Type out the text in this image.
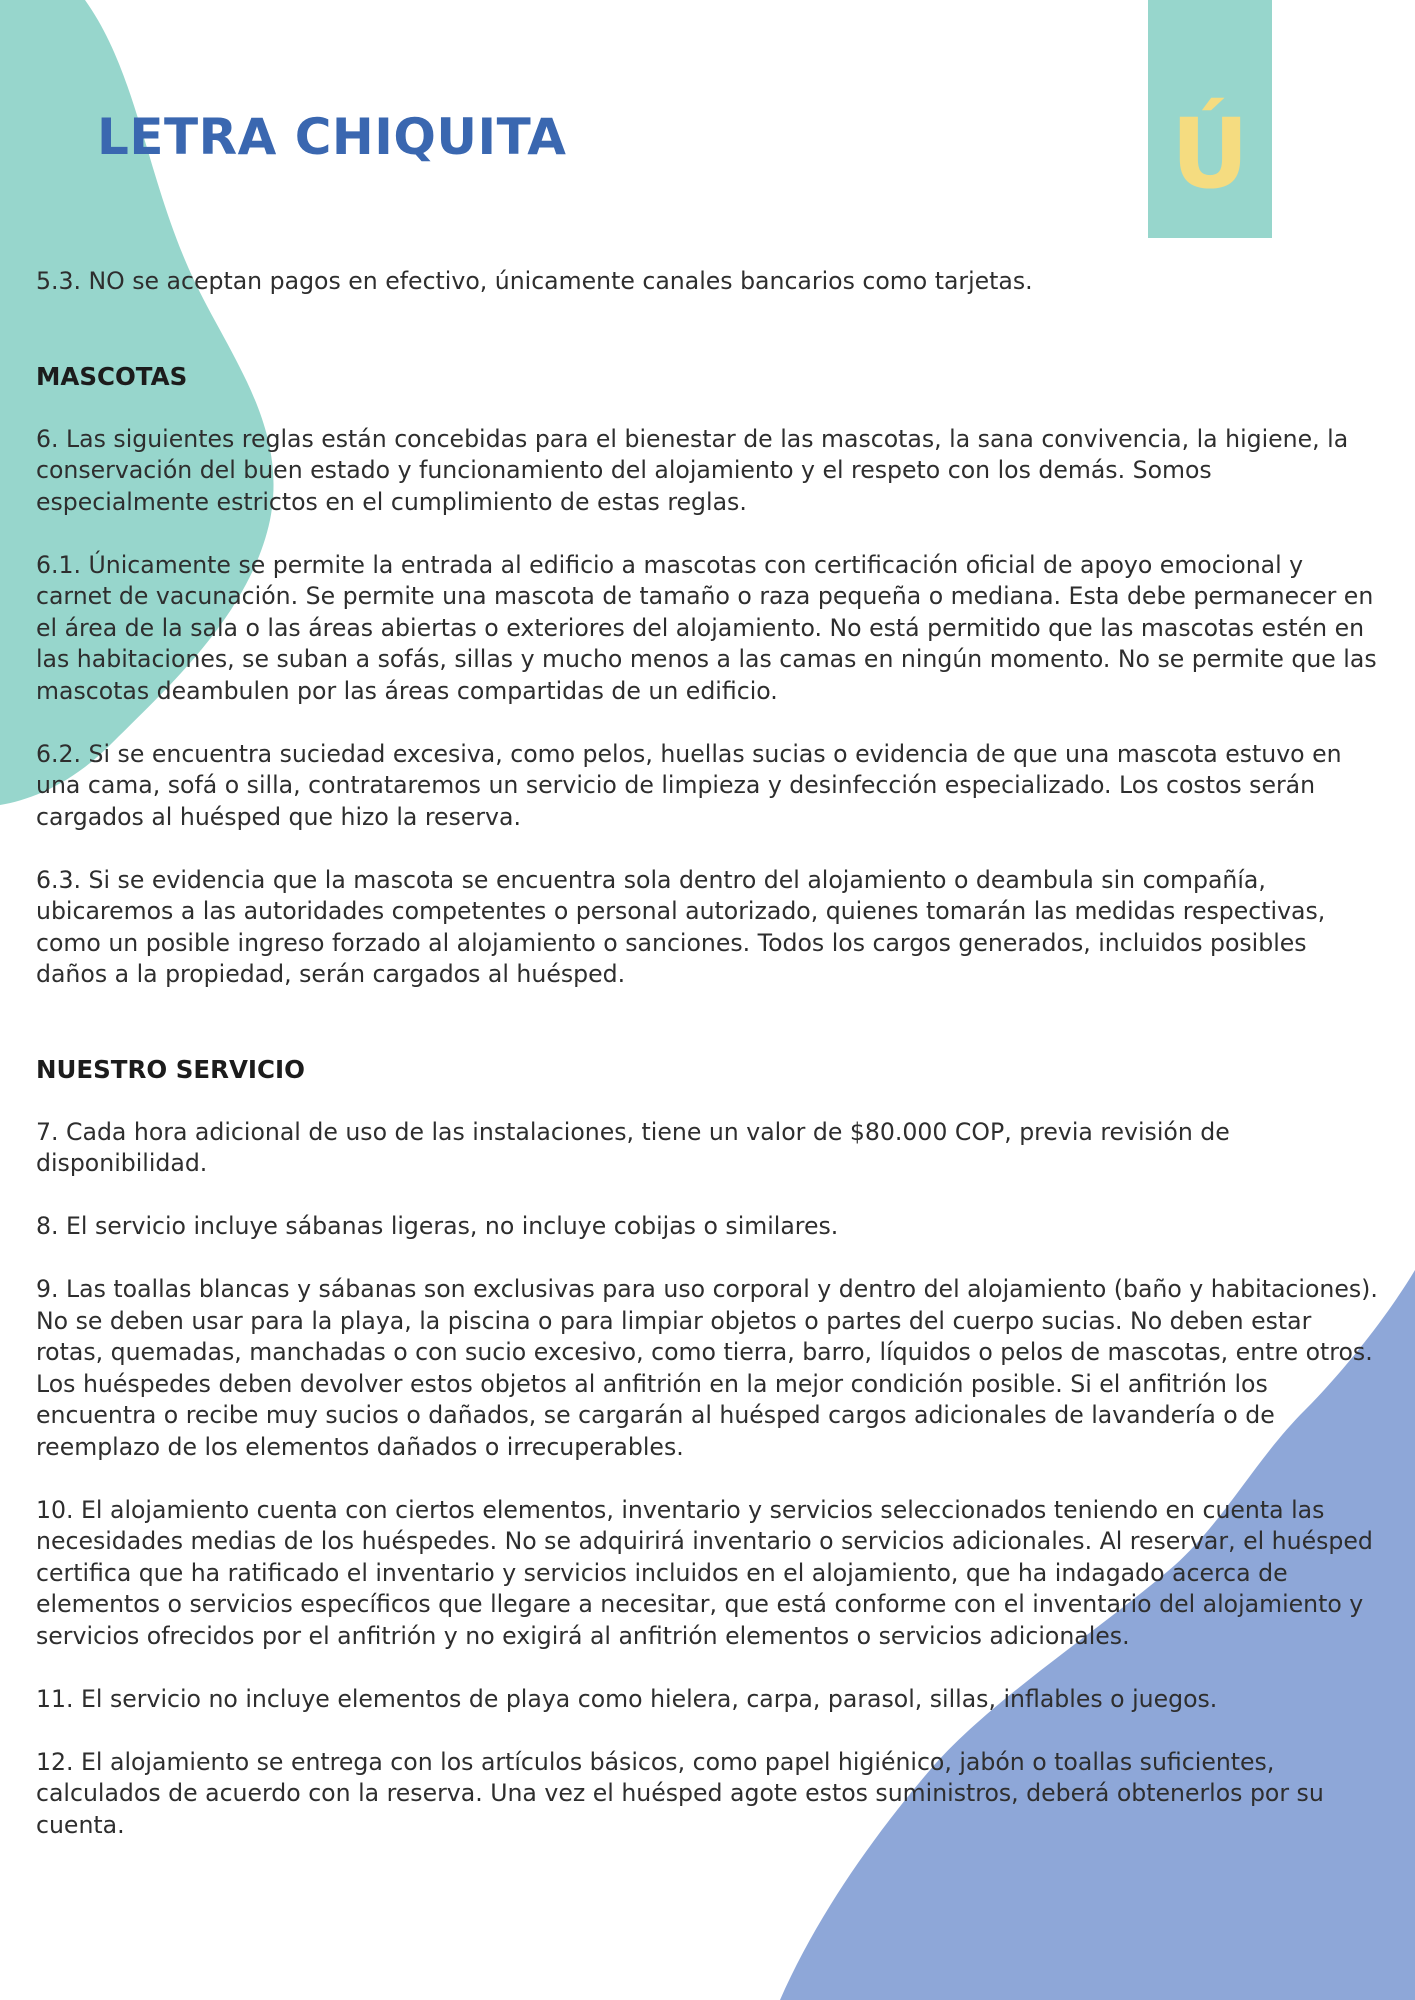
LETRA CHIQUITA	Ú

5.3. NO se aceptan pagos en efectivo, únicamente canales bancarios como tarjetas.

MASCOTAS

6. Las siguientes reglas están concebidas para el bienestar de las mascotas, la sana convivencia, la higiene, la conservación del buen estado y funcionamiento del alojamiento y el respeto con los demás. Somos especialmente estrictos en el cumplimiento de estas reglas.

6.1. Únicamente se permite la entrada al edificio a mascotas con certificación oficial de apoyo emocional y carnet de vacunación. Se permite una mascota de tamaño o raza pequeña o mediana. Esta debe permanecer en el área de la sala o las áreas abiertas o exteriores del alojamiento. No está permitido que las mascotas estén en las habitaciones, se suban a sofás, sillas y mucho menos a las camas en ningún momento. No se permite que las mascotas deambulen por las áreas compartidas de un edificio.

6.2. Si se encuentra suciedad excesiva, como pelos, huellas sucias o evidencia de que una mascota estuvo en una cama, sofá o silla, contrataremos un servicio de limpieza y desinfección especializado. Los costos serán cargados al huésped que hizo la reserva.

6.3. Si se evidencia que la mascota se encuentra sola dentro del alojamiento o deambula sin compañía, ubicaremos a las autoridades competentes o personal autorizado, quienes tomarán las medidas respectivas, como un posible ingreso forzado al alojamiento o sanciones. Todos los cargos generados, incluidos posibles daños a la propiedad, serán cargados al huésped.

NUESTRO SERVICIO

7. Cada hora adicional de uso de las instalaciones, tiene un valor de $80.000 COP, previa revisión de disponibilidad.

8. El servicio incluye sábanas ligeras, no incluye cobijas o similares.

9. Las toallas blancas y sábanas son exclusivas para uso corporal y dentro del alojamiento (baño y habitaciones). No se deben usar para la playa, la piscina o para limpiar objetos o partes del cuerpo sucias. No deben estar rotas, quemadas, manchadas o con sucio excesivo, como tierra, barro, líquidos o pelos de mascotas, entre otros. Los huéspedes deben devolver estos objetos al anfitrión en la mejor condición posible. Si el anfitrión los encuentra o recibe muy sucios o dañados, se cargarán al huésped cargos adicionales de lavandería o de reemplazo de los elementos dañados o irrecuperables.

10. El alojamiento cuenta con ciertos elementos, inventario y servicios seleccionados teniendo en cuenta las necesidades medias de los huéspedes. No se adquirirá inventario o servicios adicionales. Al reservar, el huésped certifica que ha ratificado el inventario y servicios incluidos en el alojamiento, que ha indagado acerca de elementos o servicios específicos que llegare a necesitar, que está conforme con el inventario del alojamiento y servicios ofrecidos por el anfitrión y no exigirá al anfitrión elementos o servicios adicionales.

11. El servicio no incluye elementos de playa como hielera, carpa, parasol, sillas, inflables o juegos.

12. El alojamiento se entrega con los artículos básicos, como papel higiénico, jabón o toallas suficientes, calculados de acuerdo con la reserva. Una vez el huésped agote estos suministros, deberá obtenerlos por su cuenta.
